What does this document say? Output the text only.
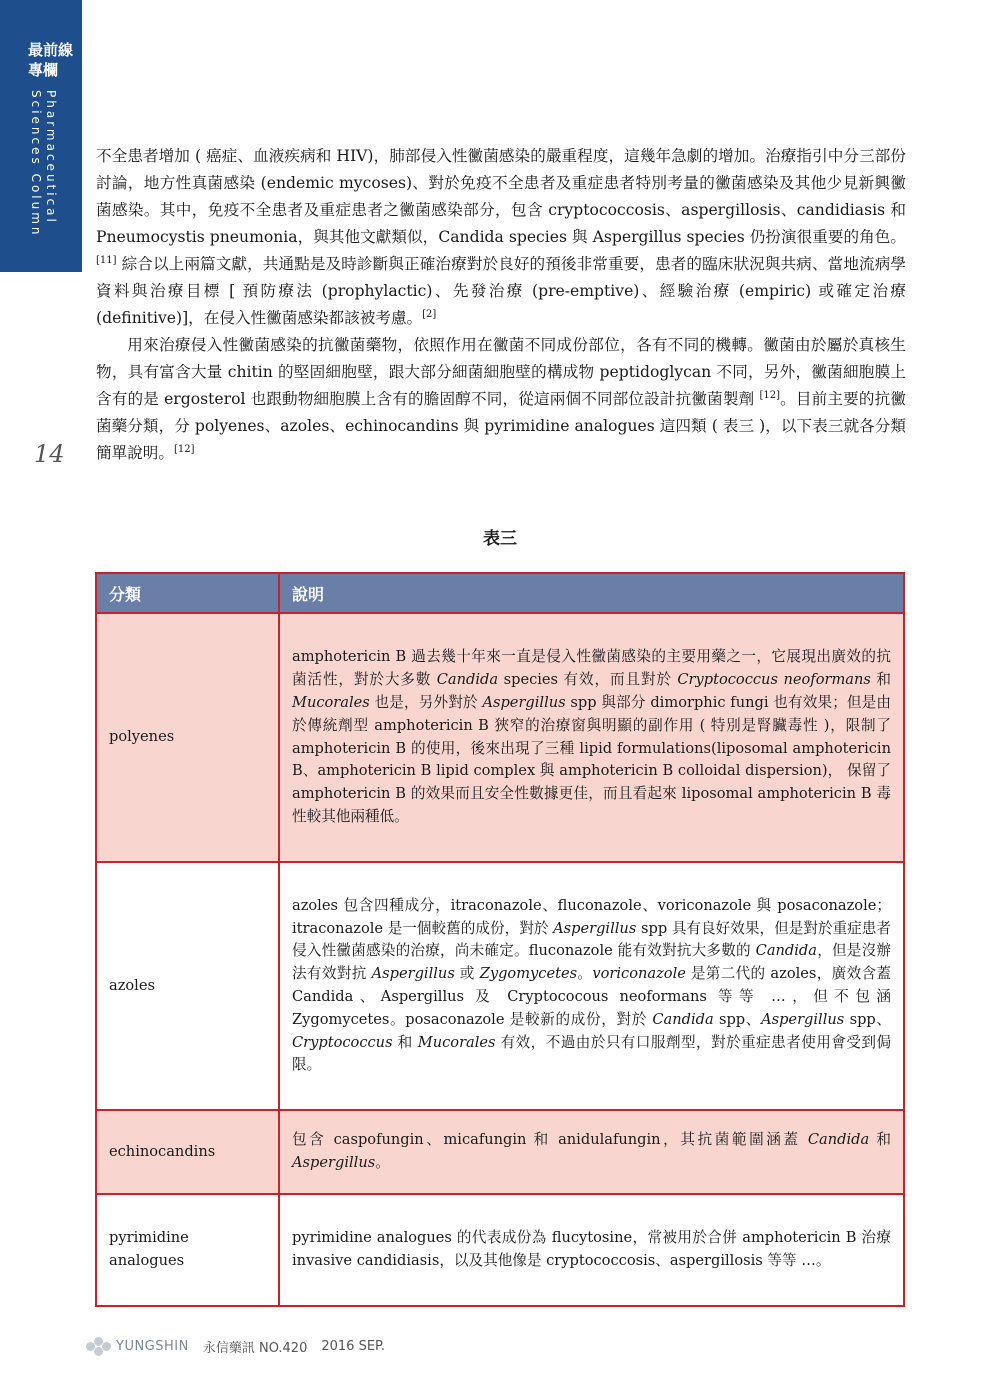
最前線
專欄
Pharmaceutical Sciences Column
14

不全患者增加 ( 癌症、血液疾病和 HIV)，肺部侵入性黴菌感染的嚴重程度，這幾年急劇的增加。治療指引中分三部份討論，地方性真菌感染 (endemic mycoses)、對於免疫不全患者及重症患者特別考量的黴菌感染及其他少見新興黴菌感染。其中，免疫不全患者及重症患者之黴菌感染部分，包含 cryptococcosis、aspergillosis、candidiasis 和 Pneumocystis pneumonia，與其他文獻類似，Candida species 與 Aspergillus species 仍扮演很重要的角色。[11] 綜合以上兩篇文獻，共通點是及時診斷與正確治療對於良好的預後非常重要，患者的臨床狀況與共病、當地流病學資料與治療目標 [ 預防療法 (prophylactic)、先發治療 (pre-emptive)、經驗治療 (empiric) 或確定治療 (definitive)]，在侵入性黴菌感染都該被考慮。[2]

用來治療侵入性黴菌感染的抗黴菌藥物，依照作用在黴菌不同成份部位，各有不同的機轉。黴菌由於屬於真核生物，具有富含大量 chitin 的堅固細胞壁，跟大部分細菌細胞壁的構成物 peptidoglycan 不同，另外，黴菌細胞膜上含有的是 ergosterol 也跟動物細胞膜上含有的膽固醇不同，從這兩個不同部位設計抗黴菌製劑 [12]。目前主要的抗黴菌藥分類，分 polyenes、azoles、echinocandins 與 pyrimidine analogues 這四類 ( 表三 )，以下表三就各分類簡單說明。[12]

表三
分類	說明
polyenes	amphotericin B 過去幾十年來一直是侵入性黴菌感染的主要用藥之一，它展現出廣效的抗菌活性，對於大多數 Candida species 有效，而且對於 Cryptococcus neoformans 和 Mucorales 也是，另外對於 Aspergillus spp 與部分 dimorphic fungi 也有效果；但是由於傳統劑型 amphotericin B 狹窄的治療窗與明顯的副作用 ( 特別是腎臟毒性 )，限制了 amphotericin B 的使用，後來出現了三種 lipid formulations(liposomal amphotericin B、amphotericin B lipid complex 與 amphotericin B colloidal dispersion)， 保留了 amphotericin B 的效果而且安全性數據更佳，而且看起來 liposomal amphotericin B 毒性較其他兩種低。
azoles	azoles 包含四種成分，itraconazole、fluconazole、voriconazole 與 posaconazole；itraconazole 是一個較舊的成份，對於 Aspergillus spp 具有良好效果，但是對於重症患者侵入性黴菌感染的治療，尚未確定。fluconazole 能有效對抗大多數的 Candida，但是沒辦法有效對抗 Aspergillus 或 Zygomycetes。voriconazole 是第二代的 azoles，廣效含蓋 Candida、Aspergillus 及 Cryptococous neoformans 等等 …，但不包涵 Zygomycetes。posaconazole 是較新的成份，對於 Candida spp、Aspergillus spp、Cryptococcus 和 Mucorales 有效，不過由於只有口服劑型，對於重症患者使用會受到侷限。
echinocandins	包含 caspofungin、micafungin 和 anidulafungin，其抗菌範圍涵蓋 Candida 和 Aspergillus。
pyrimidine analogues	pyrimidine analogues 的代表成份為 flucytosine，常被用於合併 amphotericin B 治療 invasive candidiasis，以及其他像是 cryptococcosis、aspergillosis 等等 …。
YUNGSHIN 永信藥訊 NO.420 2016 SEP.
